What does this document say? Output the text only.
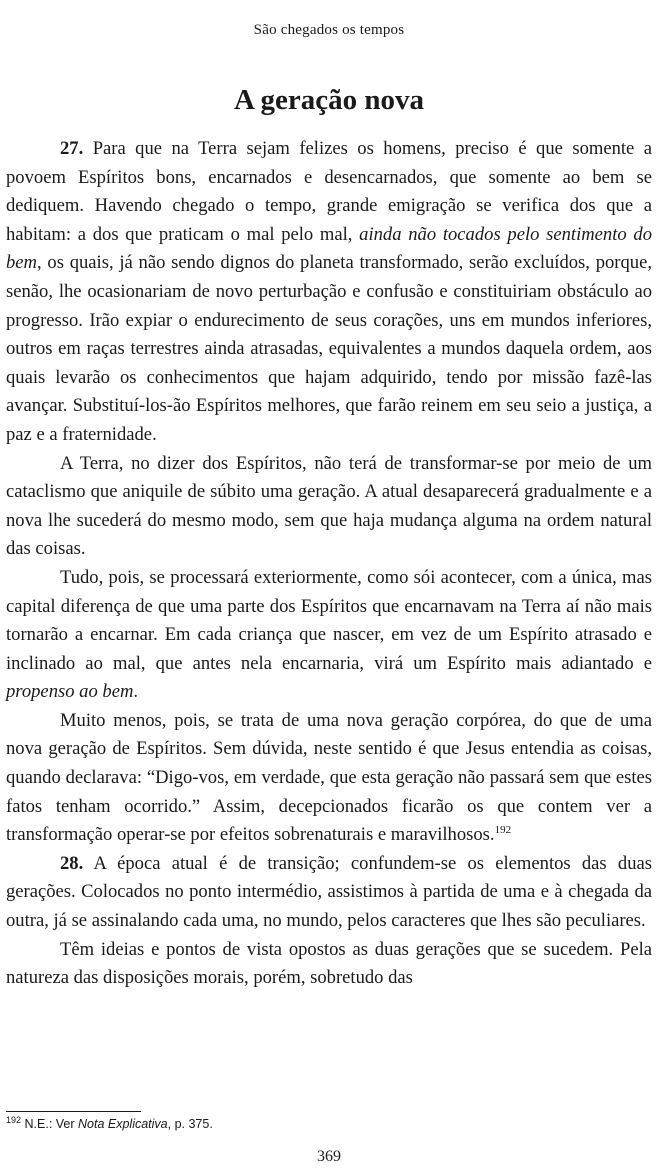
São chegados os tempos
A geração nova

27. Para que na Terra sejam felizes os homens, preciso é que somente a povoem Espíritos bons, encarnados e desencarnados, que somente ao bem se dediquem. Havendo chegado o tempo, grande emigração se verifica dos que a habitam: a dos que praticam o mal pelo mal, ainda não tocados pelo sentimento do bem, os quais, já não sendo dignos do planeta transformado, serão excluídos, porque, senão, lhe ocasionariam de novo perturbação e confusão e constituiriam obstáculo ao progresso. Irão expiar o endurecimento de seus corações, uns em mundos inferiores, outros em raças terrestres ainda atrasadas, equivalentes a mundos daquela ordem, aos quais levarão os conhecimentos que hajam adquirido, tendo por missão fazê-las avançar. Substituí-los-ão Espíritos melhores, que farão reinem em seu seio a justiça, a paz e a fraternidade.

A Terra, no dizer dos Espíritos, não terá de transformar-se por meio de um cataclismo que aniquile de súbito uma geração. A atual desaparecerá gradualmente e a nova lhe sucederá do mesmo modo, sem que haja mudança alguma na ordem natural das coisas.

Tudo, pois, se processará exteriormente, como sói acontecer, com a única, mas capital diferença de que uma parte dos Espíritos que encarnavam na Terra aí não mais tornarão a encarnar. Em cada criança que nascer, em vez de um Espírito atrasado e inclinado ao mal, que antes nela encarnaria, virá um Espírito mais adiantado e propenso ao bem.

Muito menos, pois, se trata de uma nova geração corpórea, do que de uma nova geração de Espíritos. Sem dúvida, neste sentido é que Jesus entendia as coisas, quando declarava: “Digo-vos, em verdade, que esta geração não passará sem que estes fatos tenham ocorrido.” Assim, decepcionados ficarão os que contem ver a transformação operar-se por efeitos sobrenaturais e maravilhosos.$^{192}$

28. A época atual é de transição; confundem-se os elementos das duas gerações. Colocados no ponto intermédio, assistimos à partida de uma e à chegada da outra, já se assinalando cada uma, no mundo, pelos caracteres que lhes são peculiares.

Têm ideias e pontos de vista opostos as duas gerações que se sucedem. Pela natureza das disposições morais, porém, sobretudo das

$^{192}$ N.E.: Ver Nota Explicativa, p. 375.
369
